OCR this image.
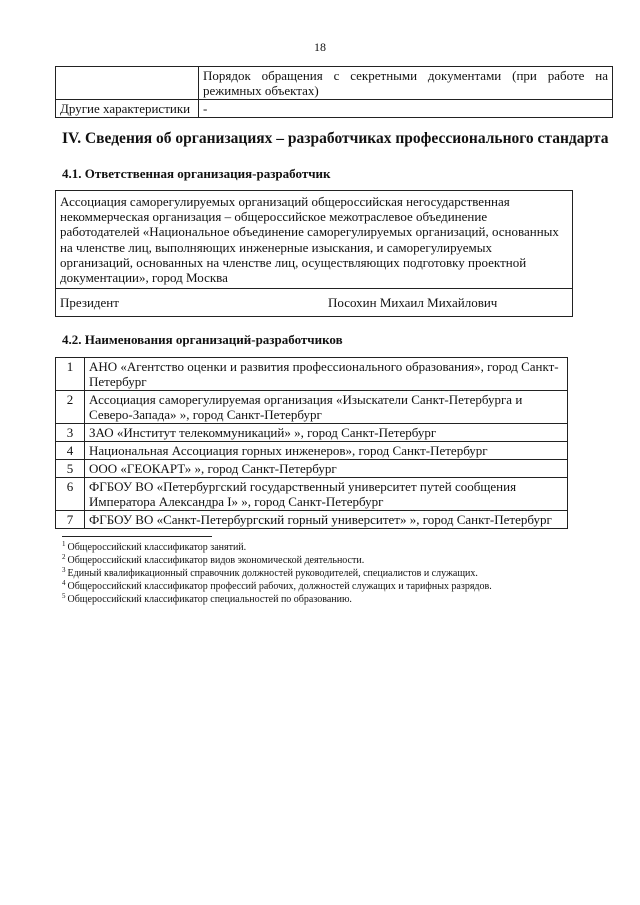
18
	Порядок обращения с секретными документами (при работе на режимных объектах)
Другие характеристики	-
IV. Сведения об организациях – разработчиках профессионального стандарта
4.1. Ответственная организация-разработчик
Ассоциация саморегулируемых организаций общероссийская негосударственная некоммерческая организация – общероссийское межотраслевое объединение работодателей «Национальное объединение саморегулируемых организаций, основанных на членстве лиц, выполняющих инженерные изыскания, и саморегулируемых организаций, основанных на членстве лиц, осуществляющих подготовку проектной документации», город Москва
Президент	Посохин Михаил Михайлович
4.2. Наименования организаций-разработчиков
1	АНО «Агентство оценки и развития профессионального образования», город Санкт-Петербург
2	Ассоциация саморегулируемая организация «Изыскатели Санкт-Петербурга и Северо-Запада» », город Санкт-Петербург
3	ЗАО «Институт телекоммуникаций» », город Санкт-Петербург
4	Национальная Ассоциация горных инженеров», город Санкт-Петербург
5	ООО «ГЕОКАРТ» », город Санкт-Петербург
6	ФГБОУ ВО «Петербургский государственный университет путей сообщения Императора Александра I» », город Санкт-Петербург
7	ФГБОУ ВО «Санкт-Петербургский горный университет» », город Санкт-Петербург
$^1$ Общероссийский классификатор занятий.
$^2$ Общероссийский классификатор видов экономической деятельности.
$^3$ Единый квалификационный справочник должностей руководителей, специалистов и служащих.
$^4$ Общероссийский классификатор профессий рабочих, должностей служащих и тарифных разрядов.
$^5$ Общероссийский классификатор специальностей по образованию.
